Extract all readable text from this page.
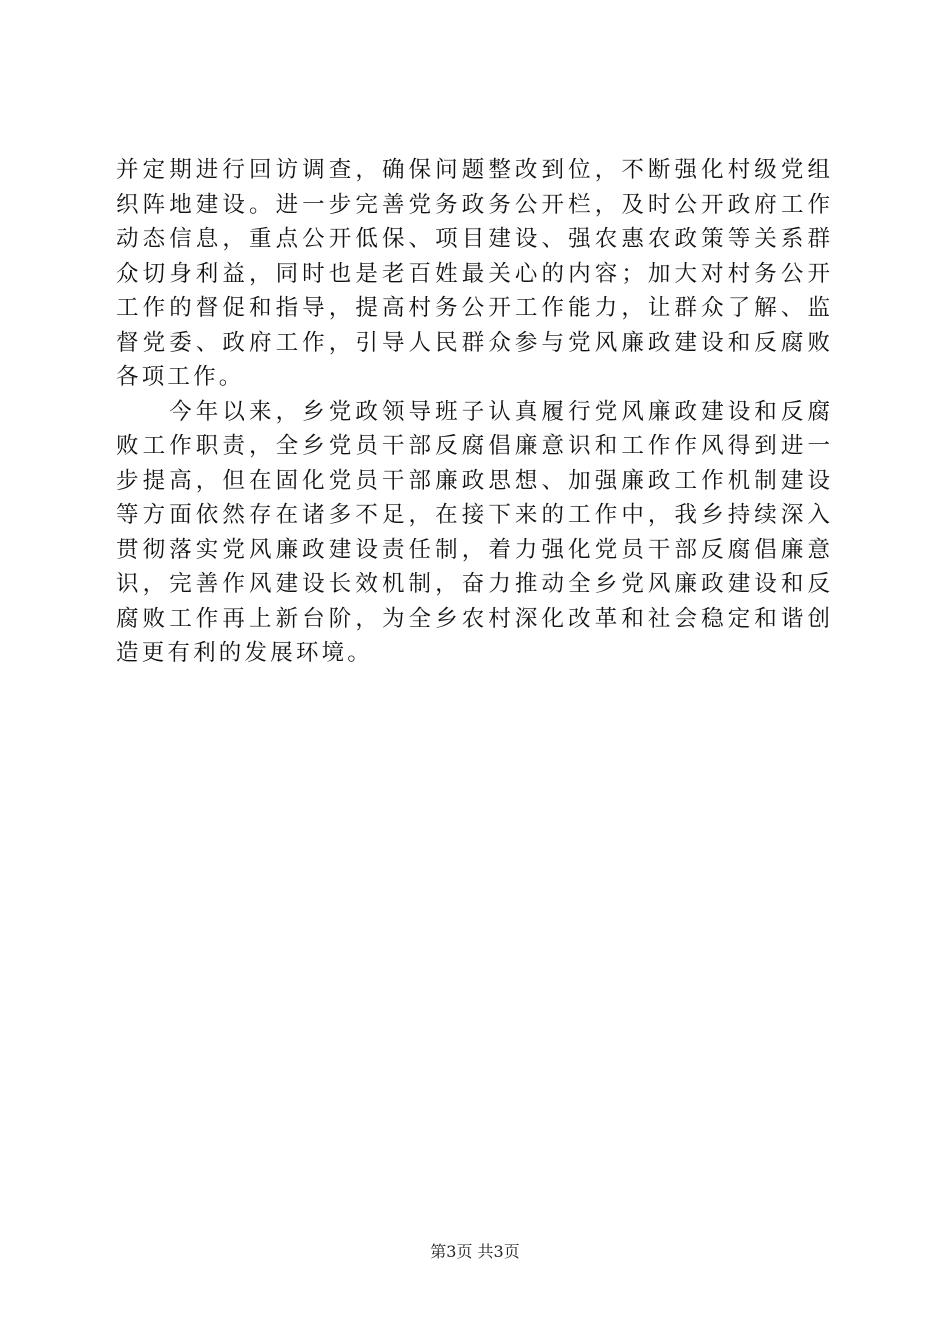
并定期进行回访调查，确保问题整改到位，不断强化村级党组
织阵地建设。进一步完善党务政务公开栏，及时公开政府工作
动态信息，重点公开低保、项目建设、强农惠农政策等关系群
众切身利益，同时也是老百姓最关心的内容；加大对村务公开
工作的督促和指导，提高村务公开工作能力，让群众了解、监
督党委、政府工作，引导人民群众参与党风廉政建设和反腐败
各项工作。
　　今年以来，乡党政领导班子认真履行党风廉政建设和反腐
败工作职责，全乡党员干部反腐倡廉意识和工作作风得到进一
步提高，但在固化党员干部廉政思想、加强廉政工作机制建设
等方面依然存在诸多不足，在接下来的工作中，我乡持续深入
贯彻落实党风廉政建设责任制，着力强化党员干部反腐倡廉意
识，完善作风建设长效机制，奋力推动全乡党风廉政建设和反
腐败工作再上新台阶，为全乡农村深化改革和社会稳定和谐创
造更有利的发展环境。
第3页 共3页
